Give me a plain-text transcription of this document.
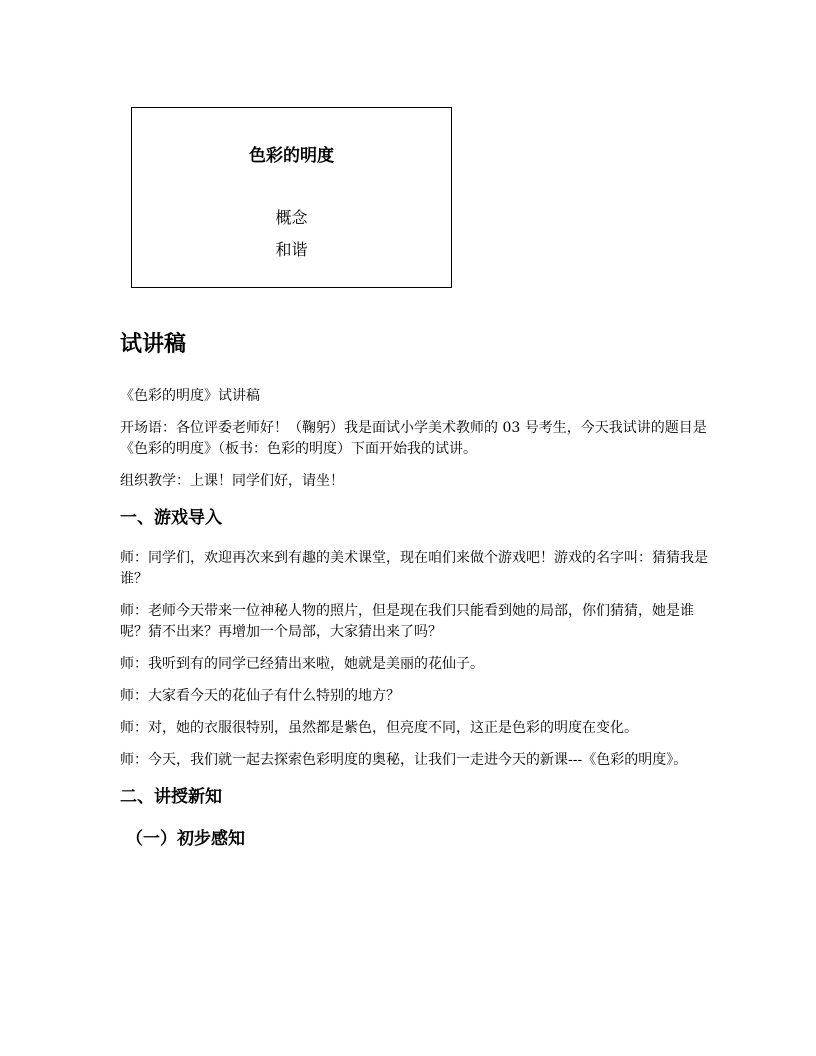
色彩的明度
概念
和谐
试讲稿

《色彩的明度》试讲稿

开场语：各位评委老师好！（鞠躬）我是面试小学美术教师的 03 号考生，今天我试讲的题目是《色彩的明度》（板书：色彩的明度）下面开始我的试讲。

组织教学：上课！同学们好，请坐！

一、游戏导入

师：同学们，欢迎再次来到有趣的美术课堂，现在咱们来做个游戏吧！游戏的名字叫：猜猜我是谁？

师：老师今天带来一位神秘人物的照片，但是现在我们只能看到她的局部，你们猜猜，她是谁呢？猜不出来？再增加一个局部，大家猜出来了吗？

师：我听到有的同学已经猜出来啦，她就是美丽的花仙子。

师：大家看今天的花仙子有什么特别的地方？

师：对，她的衣服很特别，虽然都是紫色，但亮度不同，这正是色彩的明度在变化。

师：今天，我们就一起去探索色彩明度的奥秘，让我们一走进今天的新课---《色彩的明度》。

二、讲授新知
（一）初步感知
